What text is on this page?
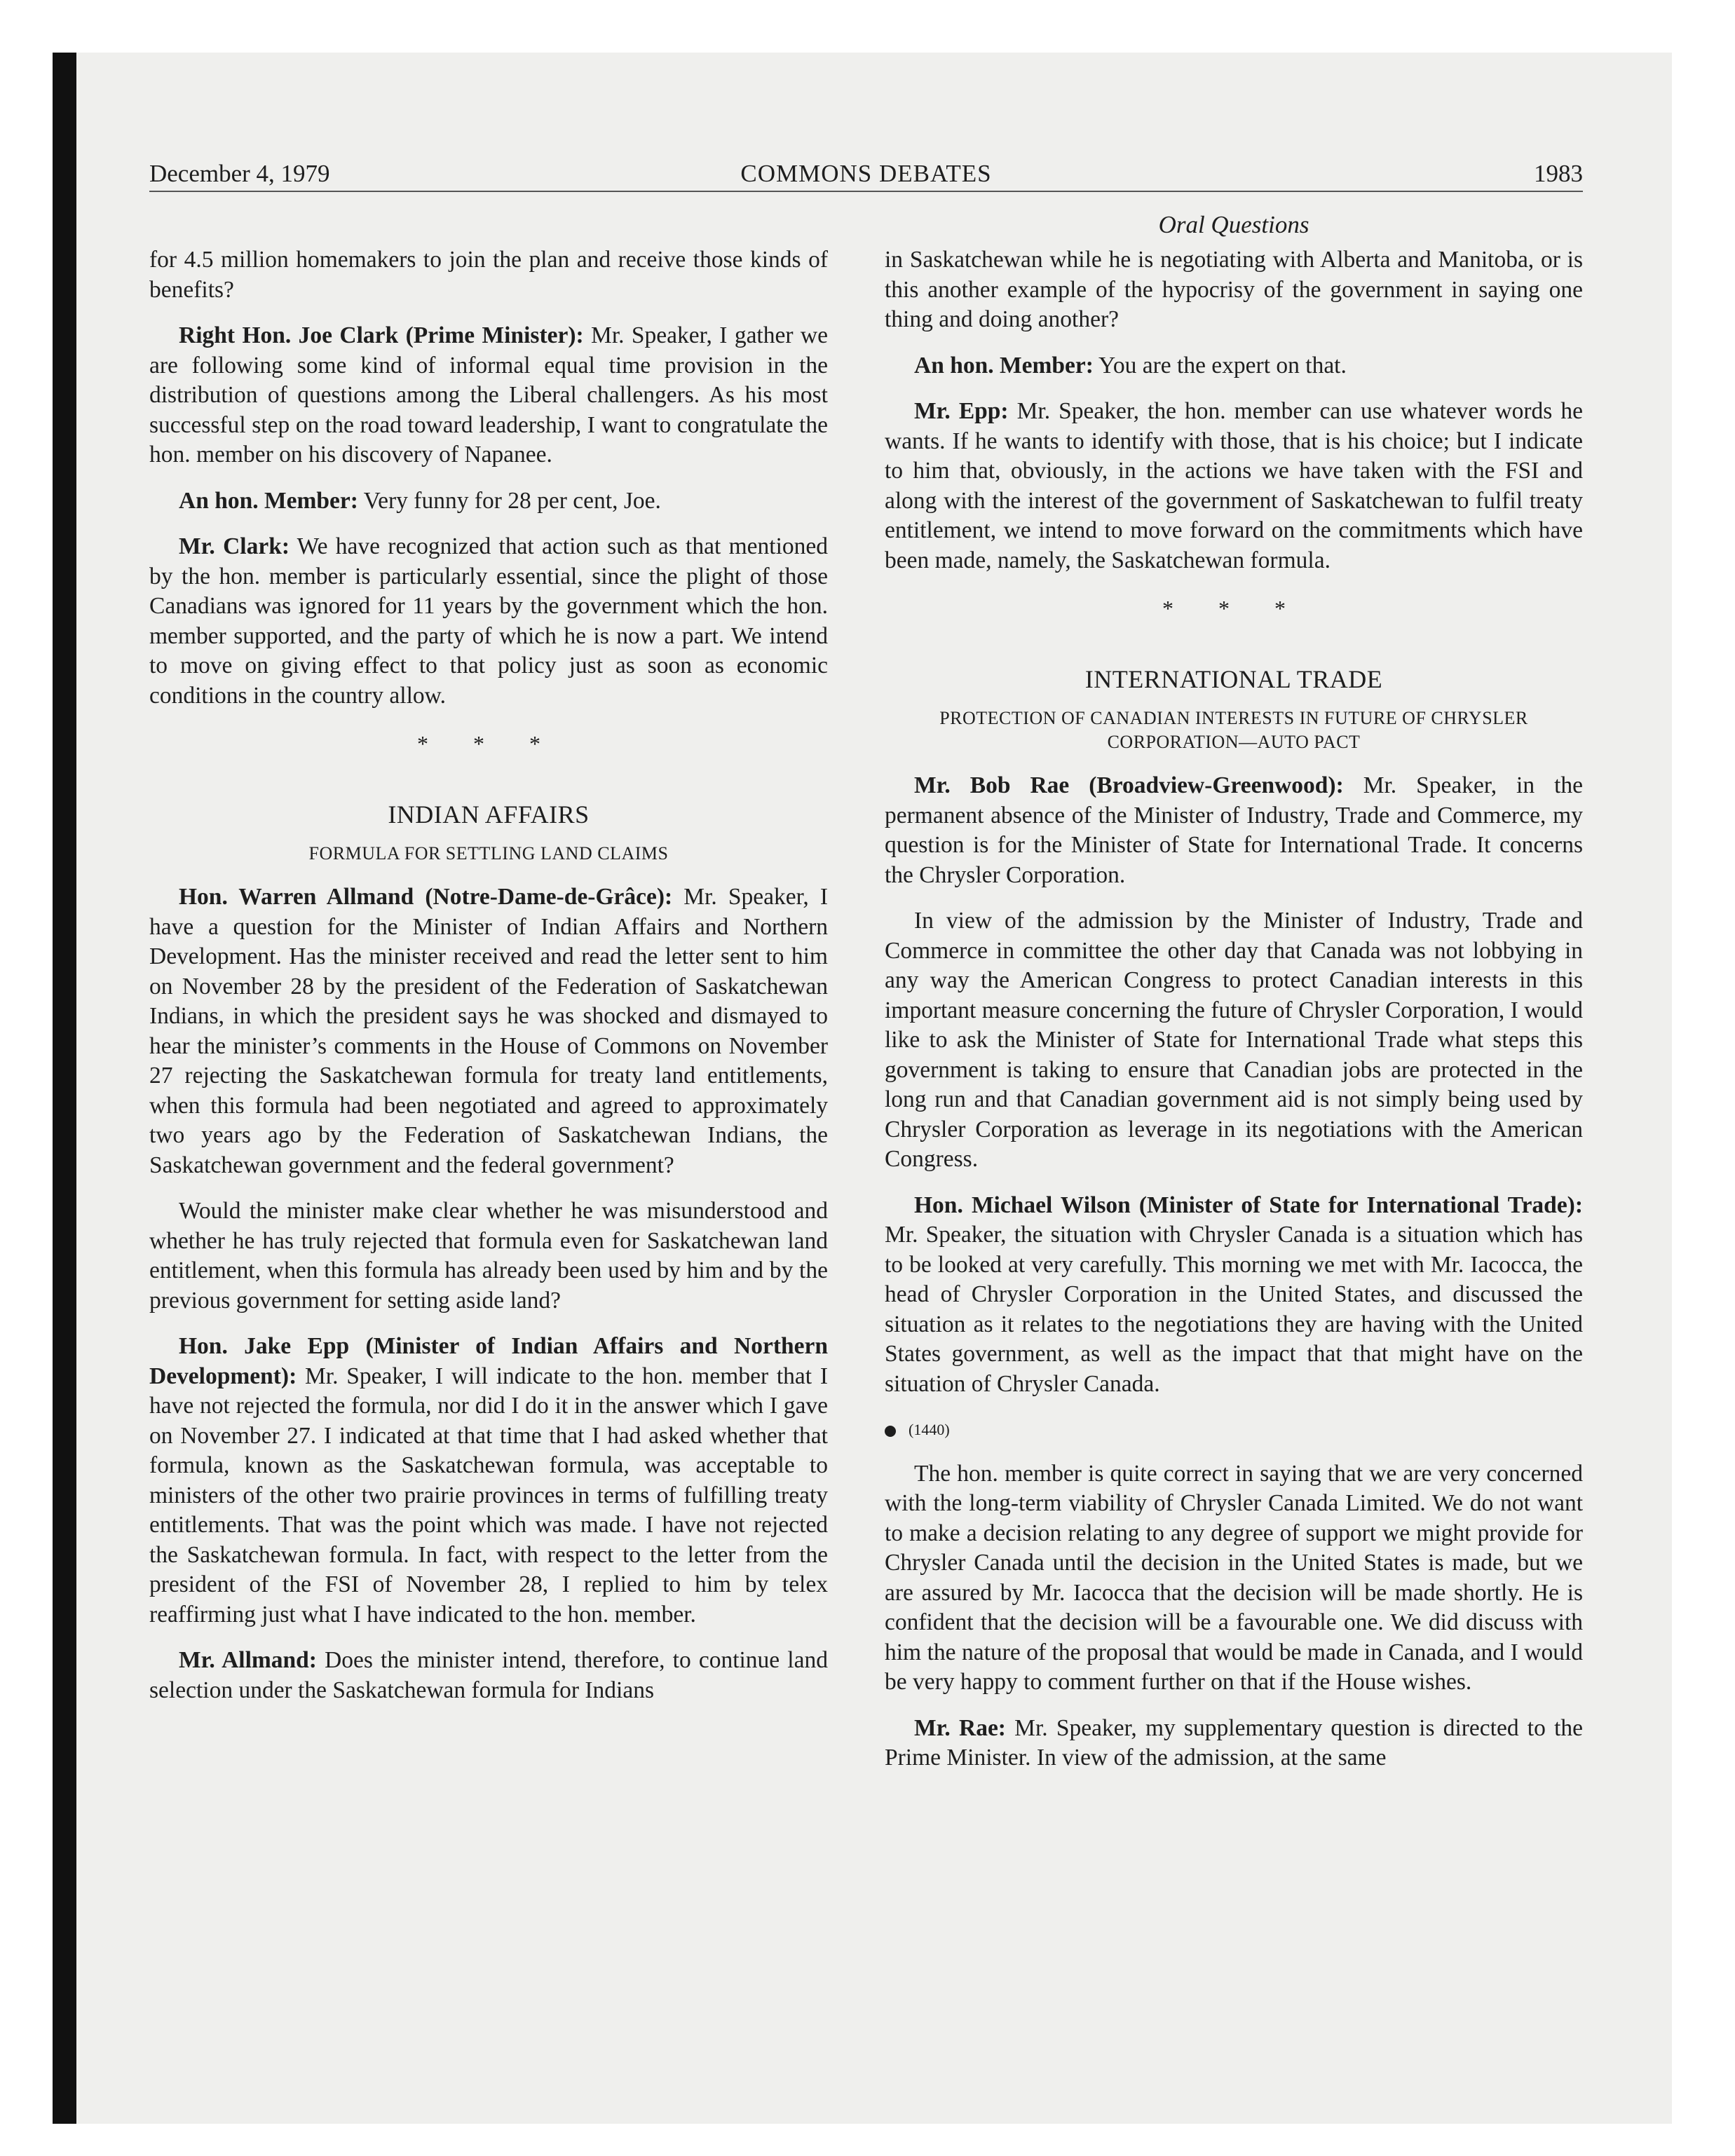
December 4, 1979	COMMONS DEBATES	1983
Oral Questions

for 4.5 million homemakers to join the plan and receive those kinds of benefits?

Right Hon. Joe Clark (Prime Minister): Mr. Speaker, I gather we are following some kind of informal equal time provision in the distribution of questions among the Liberal challengers. As his most successful step on the road toward leadership, I want to congratulate the hon. member on his discovery of Napanee.

An hon. Member: Very funny for 28 per cent, Joe.

Mr. Clark: We have recognized that action such as that mentioned by the hon. member is particularly essential, since the plight of those Canadians was ignored for 11 years by the government which the hon. member supported, and the party of which he is now a part. We intend to move on giving effect to that policy just as soon as economic conditions in the country allow.

* * *
INDIAN AFFAIRS
FORMULA FOR SETTLING LAND CLAIMS

Hon. Warren Allmand (Notre-Dame-de-Grâce): Mr. Speaker, I have a question for the Minister of Indian Affairs and Northern Development. Has the minister received and read the letter sent to him on November 28 by the president of the Federation of Saskatchewan Indians, in which the president says he was shocked and dismayed to hear the minister’s comments in the House of Commons on November 27 rejecting the Saskatchewan formula for treaty land entitlements, when this formula had been negotiated and agreed to approximately two years ago by the Federation of Saskatchewan Indians, the Saskatchewan government and the federal government?

Would the minister make clear whether he was misunderstood and whether he has truly rejected that formula even for Saskatchewan land entitlement, when this formula has already been used by him and by the previous government for setting aside land?

Hon. Jake Epp (Minister of Indian Affairs and Northern Development): Mr. Speaker, I will indicate to the hon. member that I have not rejected the formula, nor did I do it in the answer which I gave on November 27. I indicated at that time that I had asked whether that formula, known as the Saskatchewan formula, was acceptable to ministers of the other two prairie provinces in terms of fulfilling treaty entitlements. That was the point which was made. I have not rejected the Saskatchewan formula. In fact, with respect to the letter from the president of the FSI of November 28, I replied to him by telex reaffirming just what I have indicated to the hon. member.

Mr. Allmand: Does the minister intend, therefore, to continue land selection under the Saskatchewan formula for Indians

in Saskatchewan while he is negotiating with Alberta and Manitoba, or is this another example of the hypocrisy of the government in saying one thing and doing another?

An hon. Member: You are the expert on that.

Mr. Epp: Mr. Speaker, the hon. member can use whatever words he wants. If he wants to identify with those, that is his choice; but I indicate to him that, obviously, in the actions we have taken with the FSI and along with the interest of the government of Saskatchewan to fulfil treaty entitlement, we intend to move forward on the commitments which have been made, namely, the Saskatchewan formula.

* * *
INTERNATIONAL TRADE
PROTECTION OF CANADIAN INTERESTS IN FUTURE OF CHRYSLER CORPORATION—AUTO PACT

Mr. Bob Rae (Broadview-Greenwood): Mr. Speaker, in the permanent absence of the Minister of Industry, Trade and Commerce, my question is for the Minister of State for International Trade. It concerns the Chrysler Corporation.

In view of the admission by the Minister of Industry, Trade and Commerce in committee the other day that Canada was not lobbying in any way the American Congress to protect Canadian interests in this important measure concerning the future of Chrysler Corporation, I would like to ask the Minister of State for International Trade what steps this government is taking to ensure that Canadian jobs are protected in the long run and that Canadian government aid is not simply being used by Chrysler Corporation as leverage in its negotiations with the American Congress.

Hon. Michael Wilson (Minister of State for International Trade): Mr. Speaker, the situation with Chrysler Canada is a situation which has to be looked at very carefully. This morning we met with Mr. Iacocca, the head of Chrysler Corporation in the United States, and discussed the situation as it relates to the negotiations they are having with the United States government, as well as the impact that that might have on the situation of Chrysler Canada.

(1440)

The hon. member is quite correct in saying that we are very concerned with the long-term viability of Chrysler Canada Limited. We do not want to make a decision relating to any degree of support we might provide for Chrysler Canada until the decision in the United States is made, but we are assured by Mr. Iacocca that the decision will be made shortly. He is confident that the decision will be a favourable one. We did discuss with him the nature of the proposal that would be made in Canada, and I would be very happy to comment further on that if the House wishes.

Mr. Rae: Mr. Speaker, my supplementary question is directed to the Prime Minister. In view of the admission, at the same
